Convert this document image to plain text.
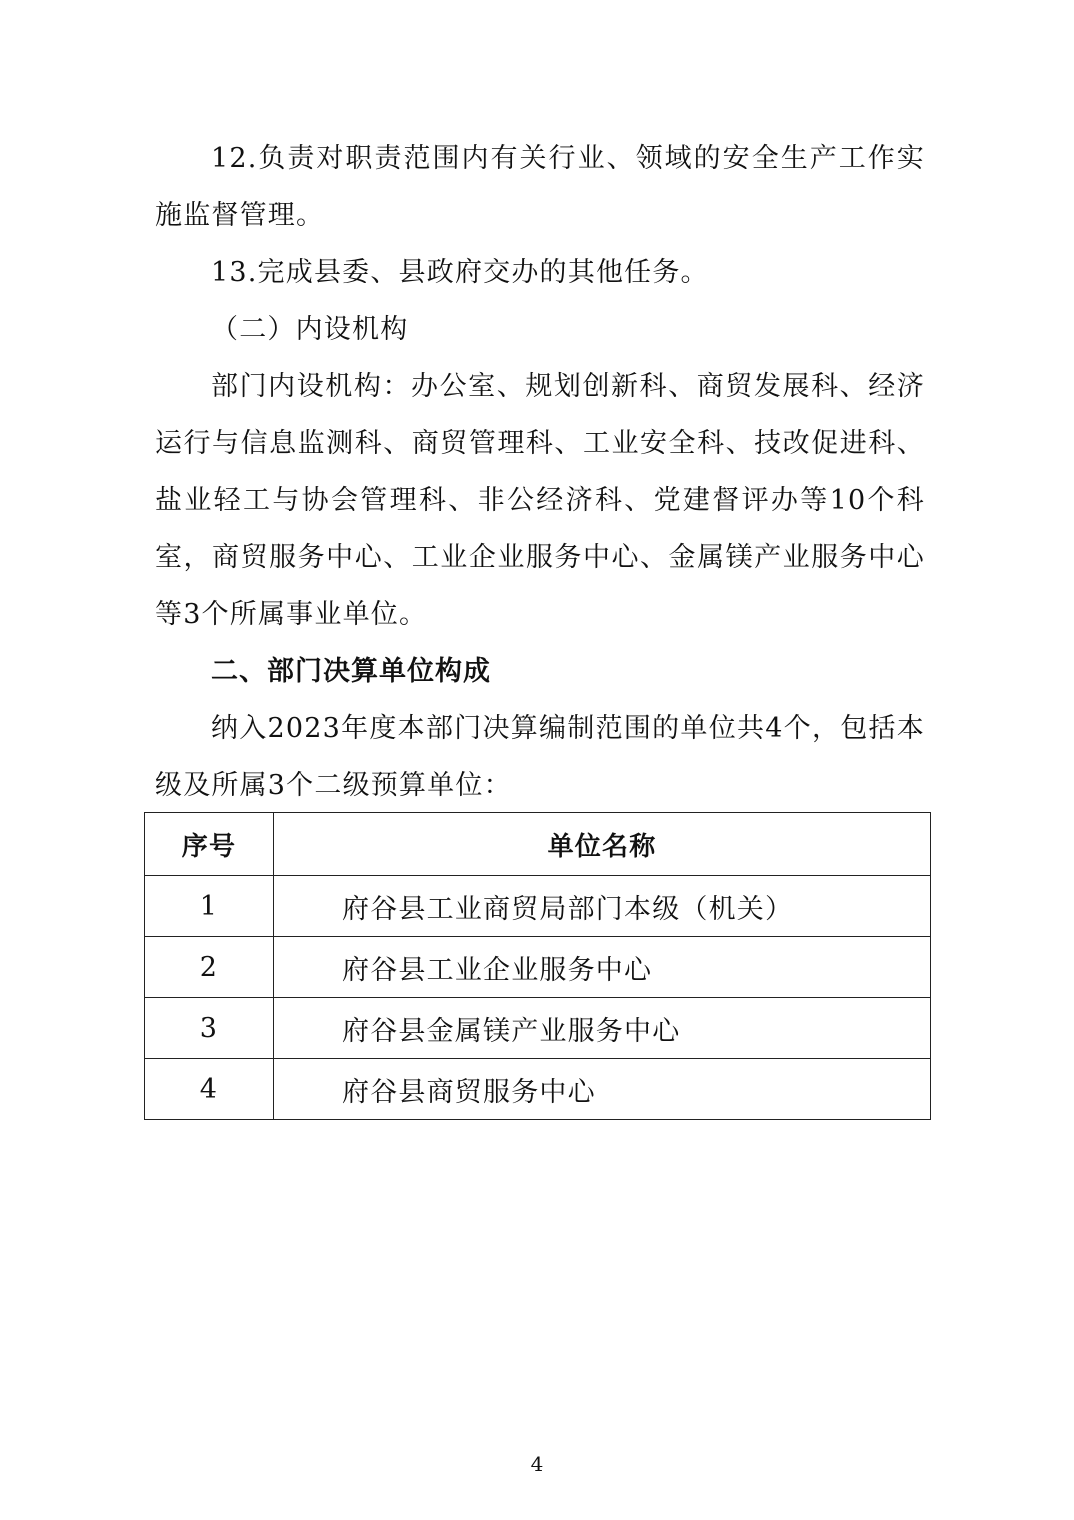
12.负责对职责范围内有关行业、领域的安全生产工作实施监督管理。

13.完成县委、县政府交办的其他任务。

（二）内设机构

部门内设机构：办公室、规划创新科、商贸发展科、经济运行与信息监测科、商贸管理科、工业安全科、技改促进科、盐业轻工与协会管理科、非公经济科、党建督评办等10个科室，商贸服务中心、工业企业服务中心、金属镁产业服务中心等3个所属事业单位。

二、部门决算单位构成

纳入2023年度本部门决算编制范围的单位共4个，包括本级及所属3个二级预算单位：

序号	单位名称
1	府谷县工业商贸局部门本级（机关）
2	府谷县工业企业服务中心
3	府谷县金属镁产业服务中心
4	府谷县商贸服务中心
4
